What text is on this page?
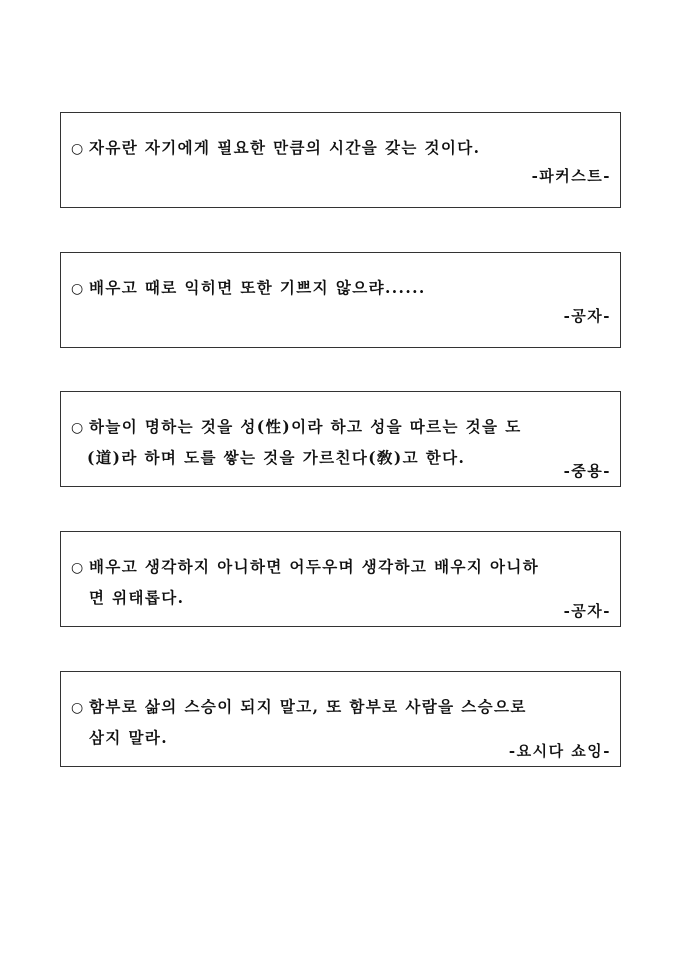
○ 자유란 자기에게 필요한 만큼의 시간을 갖는 것이다.
-파커스트-
○ 배우고 때로 익히면 또한 기쁘지 않으랴......
-공자-
○ 하늘이 명하는 것을 성(性)이라 하고 성을 따르는 것을 도
(道)라 하며 도를 쌓는 것을 가르친다(敎)고 한다.
-중용-
○ 배우고 생각하지 아니하면 어두우며 생각하고 배우지 아니하
면 위태롭다.
-공자-
○ 함부로 삶의 스승이 되지 말고, 또 함부로 사람을 스승으로
삼지 말라.
-요시다 쇼잉-
